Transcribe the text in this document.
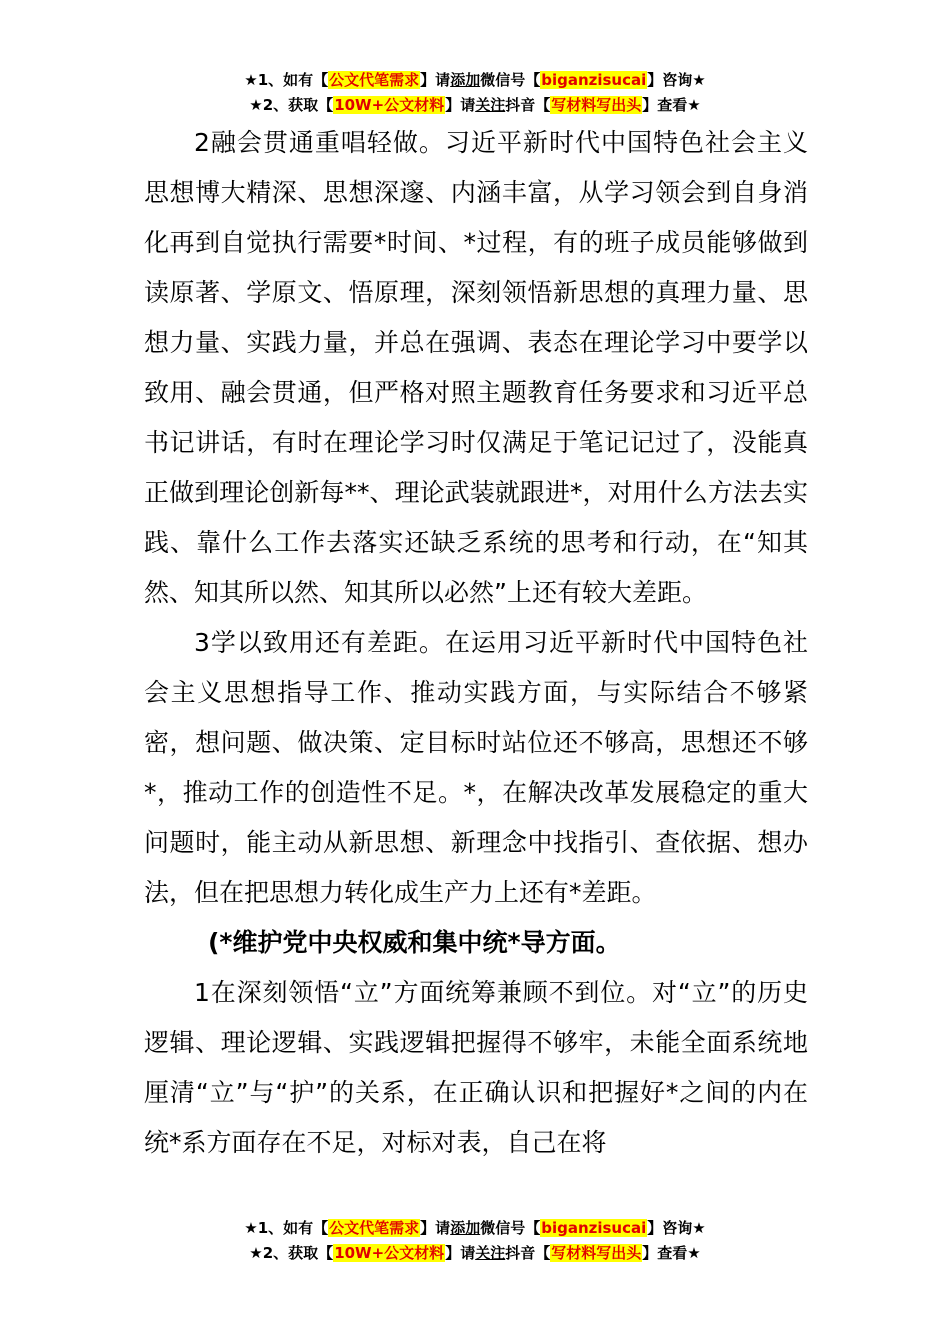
★1、如有【公文代笔需求】请添加微信号【biganzisucai】咨询★
★2、获取【10W+公文材料】请关注抖音【写材料写出头】查看★

2融会贯通重唱轻做。习近平新时代中国特色社会主义思想博大精深、思想深邃、内涵丰富，从学习领会到自身消化再到自觉执行需要*时间、*过程，有的班子成员能够做到读原著、学原文、悟原理，深刻领悟新思想的真理力量、思想力量、实践力量，并总在强调、表态在理论学习中要学以致用、融会贯通，但严格对照主题教育任务要求和习近平总书记讲话，有时在理论学习时仅满足于笔记记过了，没能真正做到理论创新每**、理论武装就跟进*，对用什么方法去实践、靠什么工作去落实还缺乏系统的思考和行动，在“知其然、知其所以然、知其所以必然”上还有较大差距。

3学以致用还有差距。在运用习近平新时代中国特色社会主义思想指导工作、推动实践方面，与实际结合不够紧密，想问题、做决策、定目标时站位还不够高，思想还不够*，推动工作的创造性不足。*，在解决改革发展稳定的重大问题时，能主动从新思想、新理念中找指引、查依据、想办法，但在把思想力转化成生产力上还有*差距。

(*维护党中央权威和集中统*导方面。

1在深刻领悟“立”方面统筹兼顾不到位。对“立”的历史逻辑、理论逻辑、实践逻辑把握得不够牢，未能全面系统地厘清“立”与“护”的关系，在正确认识和把握好*之间的内在统*系方面存在不足，对标对表，自己在将

★1、如有【公文代笔需求】请添加微信号【biganzisucai】咨询★
★2、获取【10W+公文材料】请关注抖音【写材料写出头】查看★
